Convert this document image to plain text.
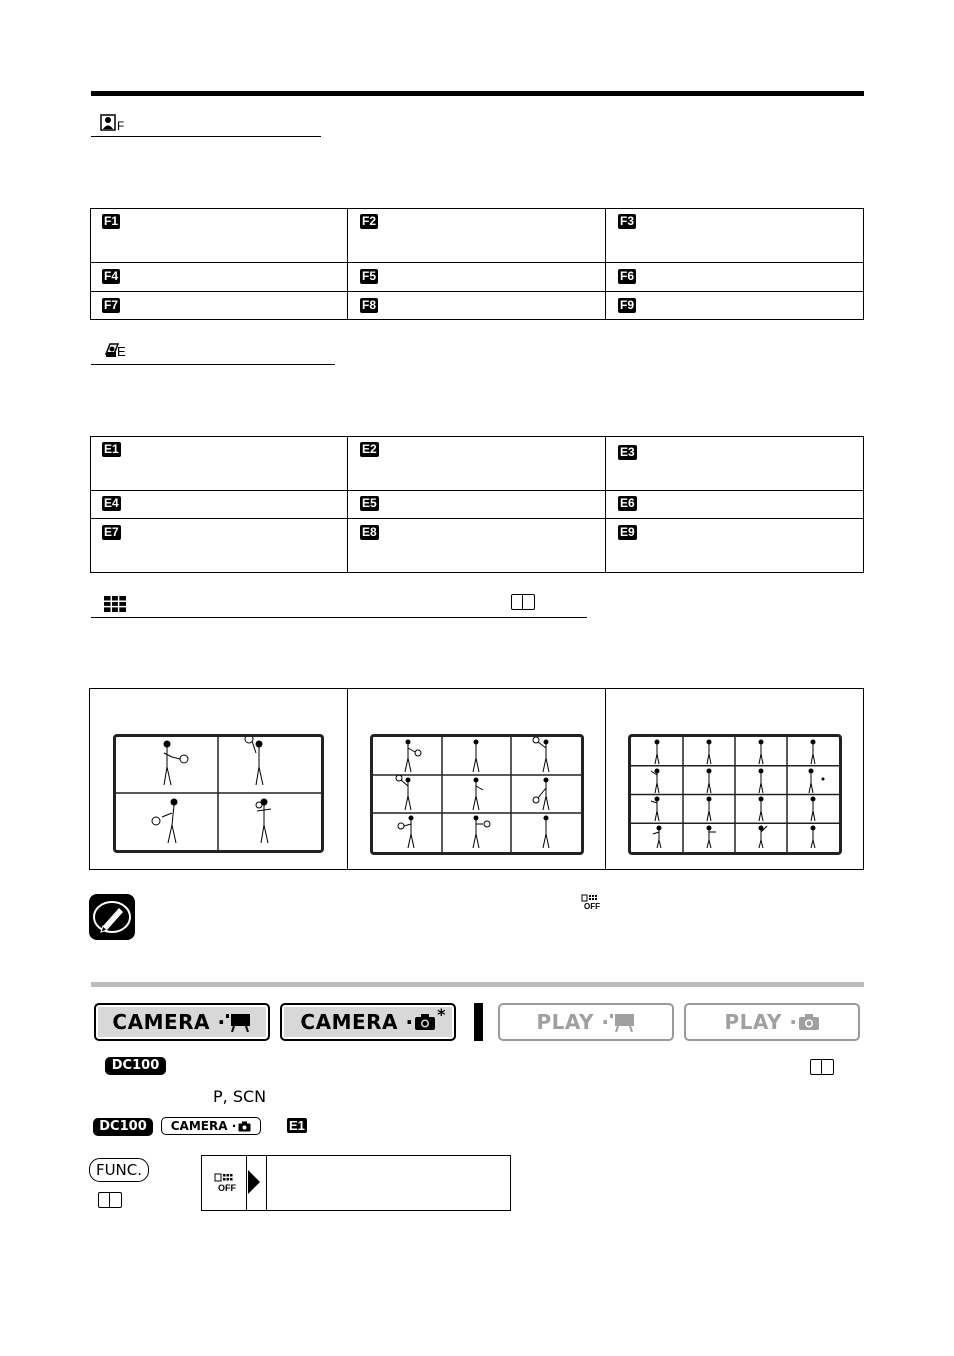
F
F1	F2	F3
F4	F5	F6
F7	F8	F9
E
E1	E2	E3
E4	E5	E6
E7	E8	E9
OFF
CAMERA ·	CAMERA · *	PLAY ·	PLAY ·
DC100
P, SCN
DC100	CAMERA ·	E1
FUNC.
OFF
